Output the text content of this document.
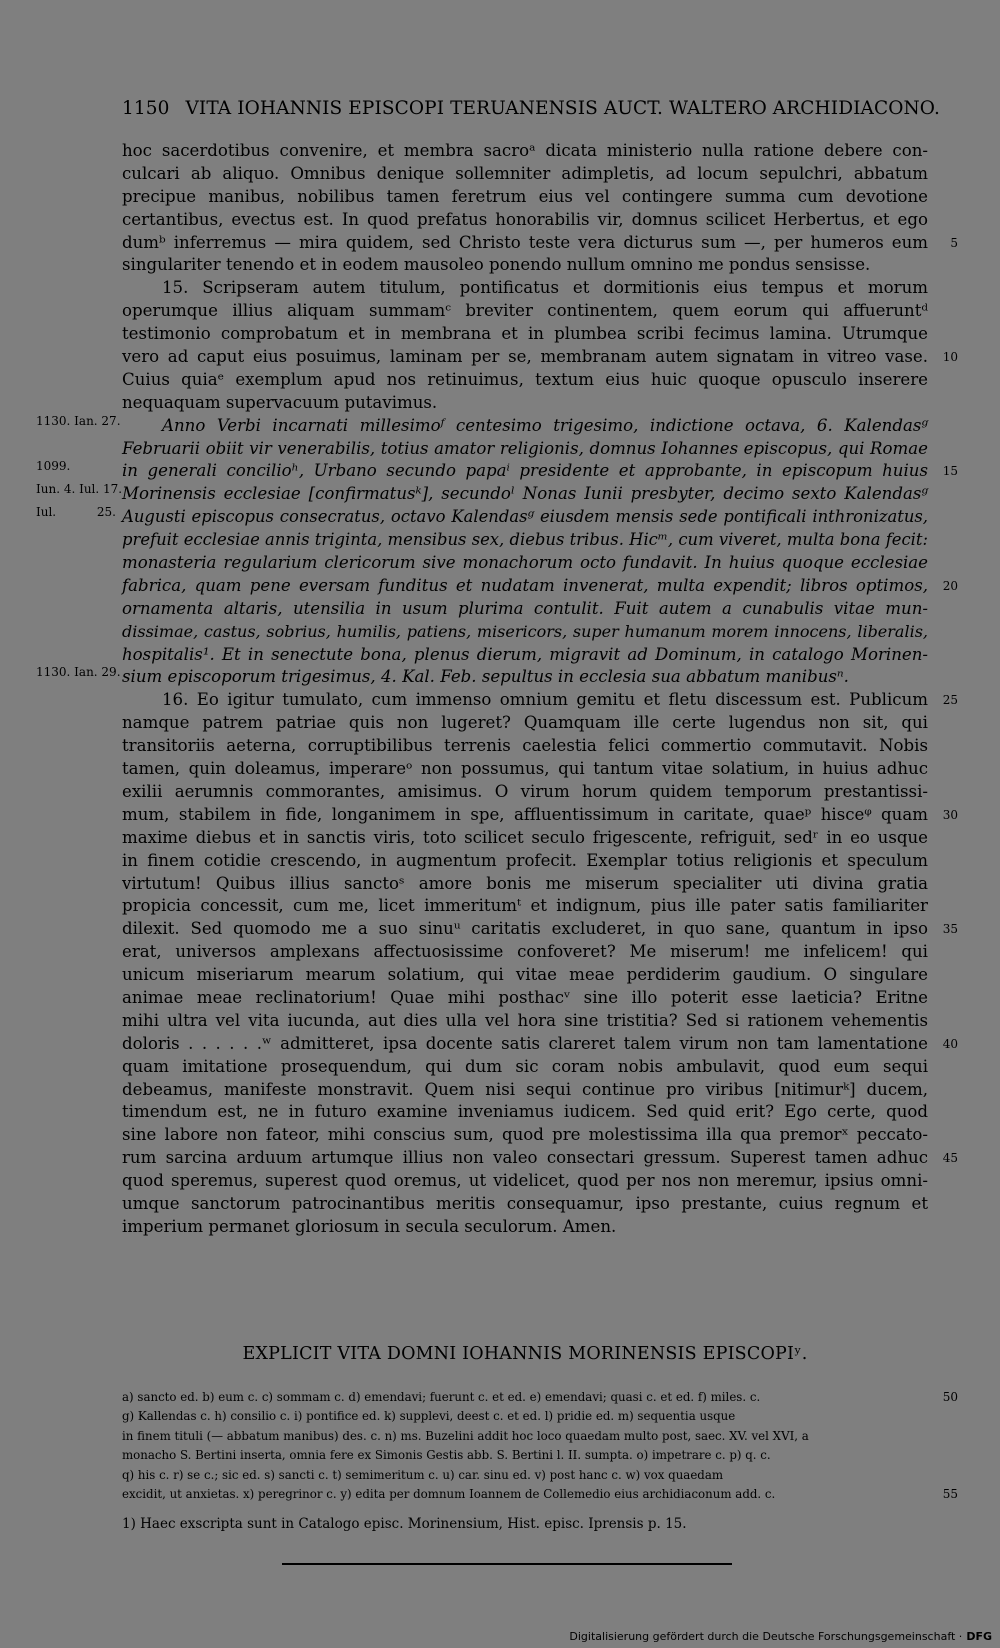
1150 VITA IOHANNIS EPISCOPI TERUANENSIS AUCT. WALTERO ARCHIDIACONO.
hoc sacerdotibus convenire, et membra sacroᵃ dicata ministerio nulla ratione debere con-
culcari ab aliquo. Omnibus denique sollemniter adimpletis, ad locum sepulchri, abbatum
precipue manibus, nobilibus tamen feretrum eius vel contingere summa cum devotione
certantibus, evectus est. In quod prefatus honorabilis vir, domnus scilicet Herbertus, et ego
dumᵇ inferremus — mira quidem, sed Christo teste vera dicturus sum —, per humeros eum 5
singulariter tenendo et in eodem mausoleo ponendo nullum omnino me pondus sensisse.
15. Scripseram autem titulum, pontificatus et dormitionis eius tempus et morum
operumque illius aliquam summamᶜ breviter continentem, quem eorum qui affueruntᵈ
testimonio comprobatum et in membrana et in plumbea scribi fecimus lamina. Utrumque
vero ad caput eius posuimus, laminam per se, membranam autem signatam in vitreo vase. 10
Cuius quiaᵉ exemplum apud nos retinuimus, textum eius huic quoque opusculo inserere
nequaquam supervacuum putavimus.
Anno Verbi incarnati millesimoᶠ centesimo trigesimo, indictione octava, 6. Kalendasᵍ
1130. Ian. 27.
Februarii obiit vir venerabilis, totius amator religionis, domnus Iohannes episcopus, qui Romae
in generali concilioʰ, Urbano secundo papaⁱ presidente et approbante, in episcopum huius 15
1099.
Morinensis ecclesiae [confirmatusᵏ], secundoˡ Nonas Iunii presbyter, decimo sexto Kalendasᵍ
Iun. 4. Iul. 17.
Augusti episcopus consecratus, octavo Kalendasᵍ eiusdem mensis sede pontificali inthronizatus,
Iul. 25.
prefuit ecclesiae annis triginta, mensibus sex, diebus tribus. Hicᵐ, cum viveret, multa bona fecit:
monasteria regularium clericorum sive monachorum octo fundavit. In huius quoque ecclesiae
fabrica, quam pene eversam funditus et nudatam invenerat, multa expendit; libros optimos, 20
ornamenta altaris, utensilia in usum plurima contulit. Fuit autem a cunabulis vitae mun-
dissimae, castus, sobrius, humilis, patiens, misericors, super humanum morem innocens, liberalis,
hospitalis¹. Et in senectute bona, plenus dierum, migravit ad Dominum, in catalogo Morinen-
sium episcoporum trigesimus, 4. Kal. Feb. sepultus in ecclesia sua abbatum manibusⁿ.
1130. Ian. 29.
16. Eo igitur tumulato, cum immenso omnium gemitu et fletu discessum est. Publicum 25
namque patrem patriae quis non lugeret? Quamquam ille certe lugendus non sit, qui
transitoriis aeterna, corruptibilibus terrenis caelestia felici commertio commutavit. Nobis
tamen, quin doleamus, imperareᵒ non possumus, qui tantum vitae solatium, in huius adhuc
exilii aerumnis commorantes, amisimus. O virum horum quidem temporum prestantissi-
mum, stabilem in fide, longanimem in spe, affluentissimum in caritate, quaeᵖ hisceᵠ quam 30
maxime diebus et in sanctis viris, toto scilicet seculo frigescente, refriguit, sedʳ in eo usque
in finem cotidie crescendo, in augmentum profecit. Exemplar totius religionis et speculum
virtutum! Quibus illius sanctoˢ amore bonis me miserum specialiter uti divina gratia
propicia concessit, cum me, licet immeritumᵗ et indignum, pius ille pater satis familiariter
dilexit. Sed quomodo me a suo sinuᵘ caritatis excluderet, in quo sane, quantum in ipso 35
erat, universos amplexans affectuosissime confoveret? Me miserum! me infelicem! qui
unicum miseriarum mearum solatium, qui vitae meae perdiderim gaudium. O singulare
animae meae reclinatorium! Quae mihi posthacᵛ sine illo poterit esse laeticia? Eritne
mihi ultra vel vita iucunda, aut dies ulla vel hora sine tristitia? Sed si rationem vehementis
doloris . . . . . .ʷ admitteret, ipsa docente satis clareret talem virum non tam lamentatione 40
quam imitatione prosequendum, qui dum sic coram nobis ambulavit, quod eum sequi
debeamus, manifeste monstravit. Quem nisi sequi continue pro viribus [nitimurᵏ] ducem,
timendum est, ne in futuro examine inveniamus iudicem. Sed quid erit? Ego certe, quod
sine labore non fateor, mihi conscius sum, quod pre molestissima illa qua premorˣ peccato-
rum sarcina arduum artumque illius non valeo consectari gressum. Superest tamen adhuc 45
quod speremus, superest quod oremus, ut videlicet, quod per nos non meremur, ipsius omni-
umque sanctorum patrocinantibus meritis consequamur, ipso prestante, cuius regnum et
imperium permanet gloriosum in secula seculorum. Amen.
EXPLICIT VITA DOMNI IOHANNIS MORINENSIS EPISCOPIʸ.
a) sancto ed. b) eum c. c) sommam c. d) emendavi; fuerunt c. et ed. e) emendavi; quasi c. et ed. f) miles. c.	50
g) Kallendas c. h) consilio c. i) pontifice ed. k) supplevi, deest c. et ed. l) pridie ed. m) sequentia usque
in finem tituli (— abbatum manibus) des. c. n) ms. Buzelini addit hoc loco quaedam multo post, saec. XV. vel XVI, a
monacho S. Bertini inserta, omnia fere ex Simonis Gestis abb. S. Bertini l. II. sumpta. o) impetrare c. p) q. c.
q) his c. r) se c.; sic ed. s) sancti c. t) semimeritum c. u) car. sinu ed. v) post hanc c. w) vox quaedam
excidit, ut anxietas. x) peregrinor c. y) edita per domnum Ioannem de Collemedio eius archidiaconum add. c.	55
1) Haec exscripta sunt in Catalogo episc. Morinensium, Hist. episc. Iprensis p. 15.
Digitalisierung gefördert durch die Deutsche Forschungsgemeinschaft · DFG
